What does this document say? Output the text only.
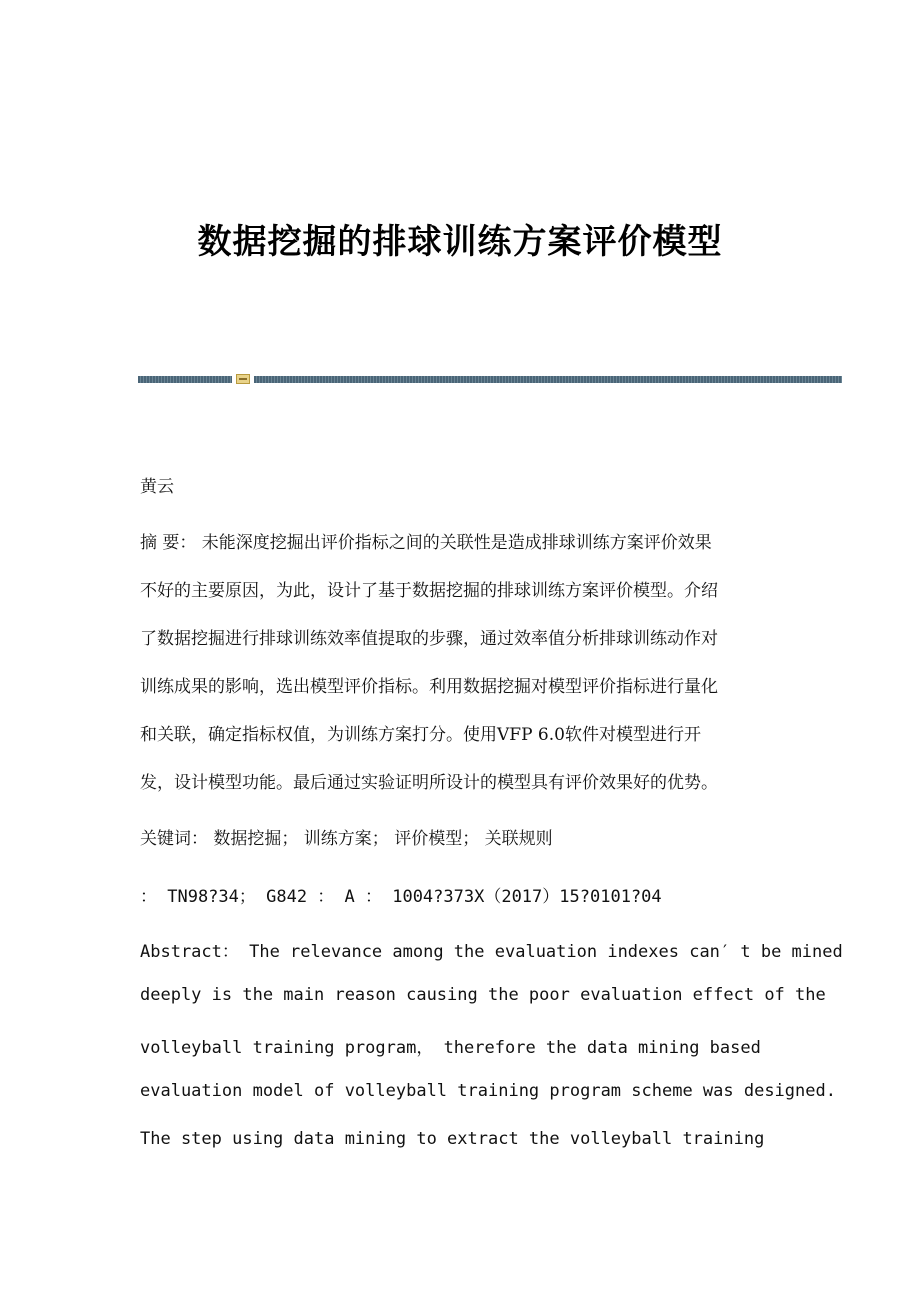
数据挖掘的排球训练方案评价模型

黄云

摘 要： 未能深度挖掘出评价指标之间的关联性是造成排球训练方案评价效果

不好的主要原因，为此，设计了基于数据挖掘的排球训练方案评价模型。介绍

了数据挖掘进行排球训练效率值提取的步骤，通过效率值分析排球训练动作对

训练成果的影响，选出模型评价指标。利用数据挖掘对模型评价指标进行量化

和关联，确定指标权值，为训练方案打分。使用VFP 6.0软件对模型进行开

发，设计模型功能。最后通过实验证明所设计的模型具有评价效果好的优势。

关键词： 数据挖掘； 训练方案； 评价模型； 关联规则

： TN98?34； G842 ： A ： 1004?373X（2017）15?0101?04

Abstract： The relevance among the evaluation indexes can′ t be mined

deeply is the main reason causing the poor evaluation effect of the

volleyball training program， therefore the data mining based

evaluation model of volleyball training program scheme was designed.

The step using data mining to extract the volleyball training
